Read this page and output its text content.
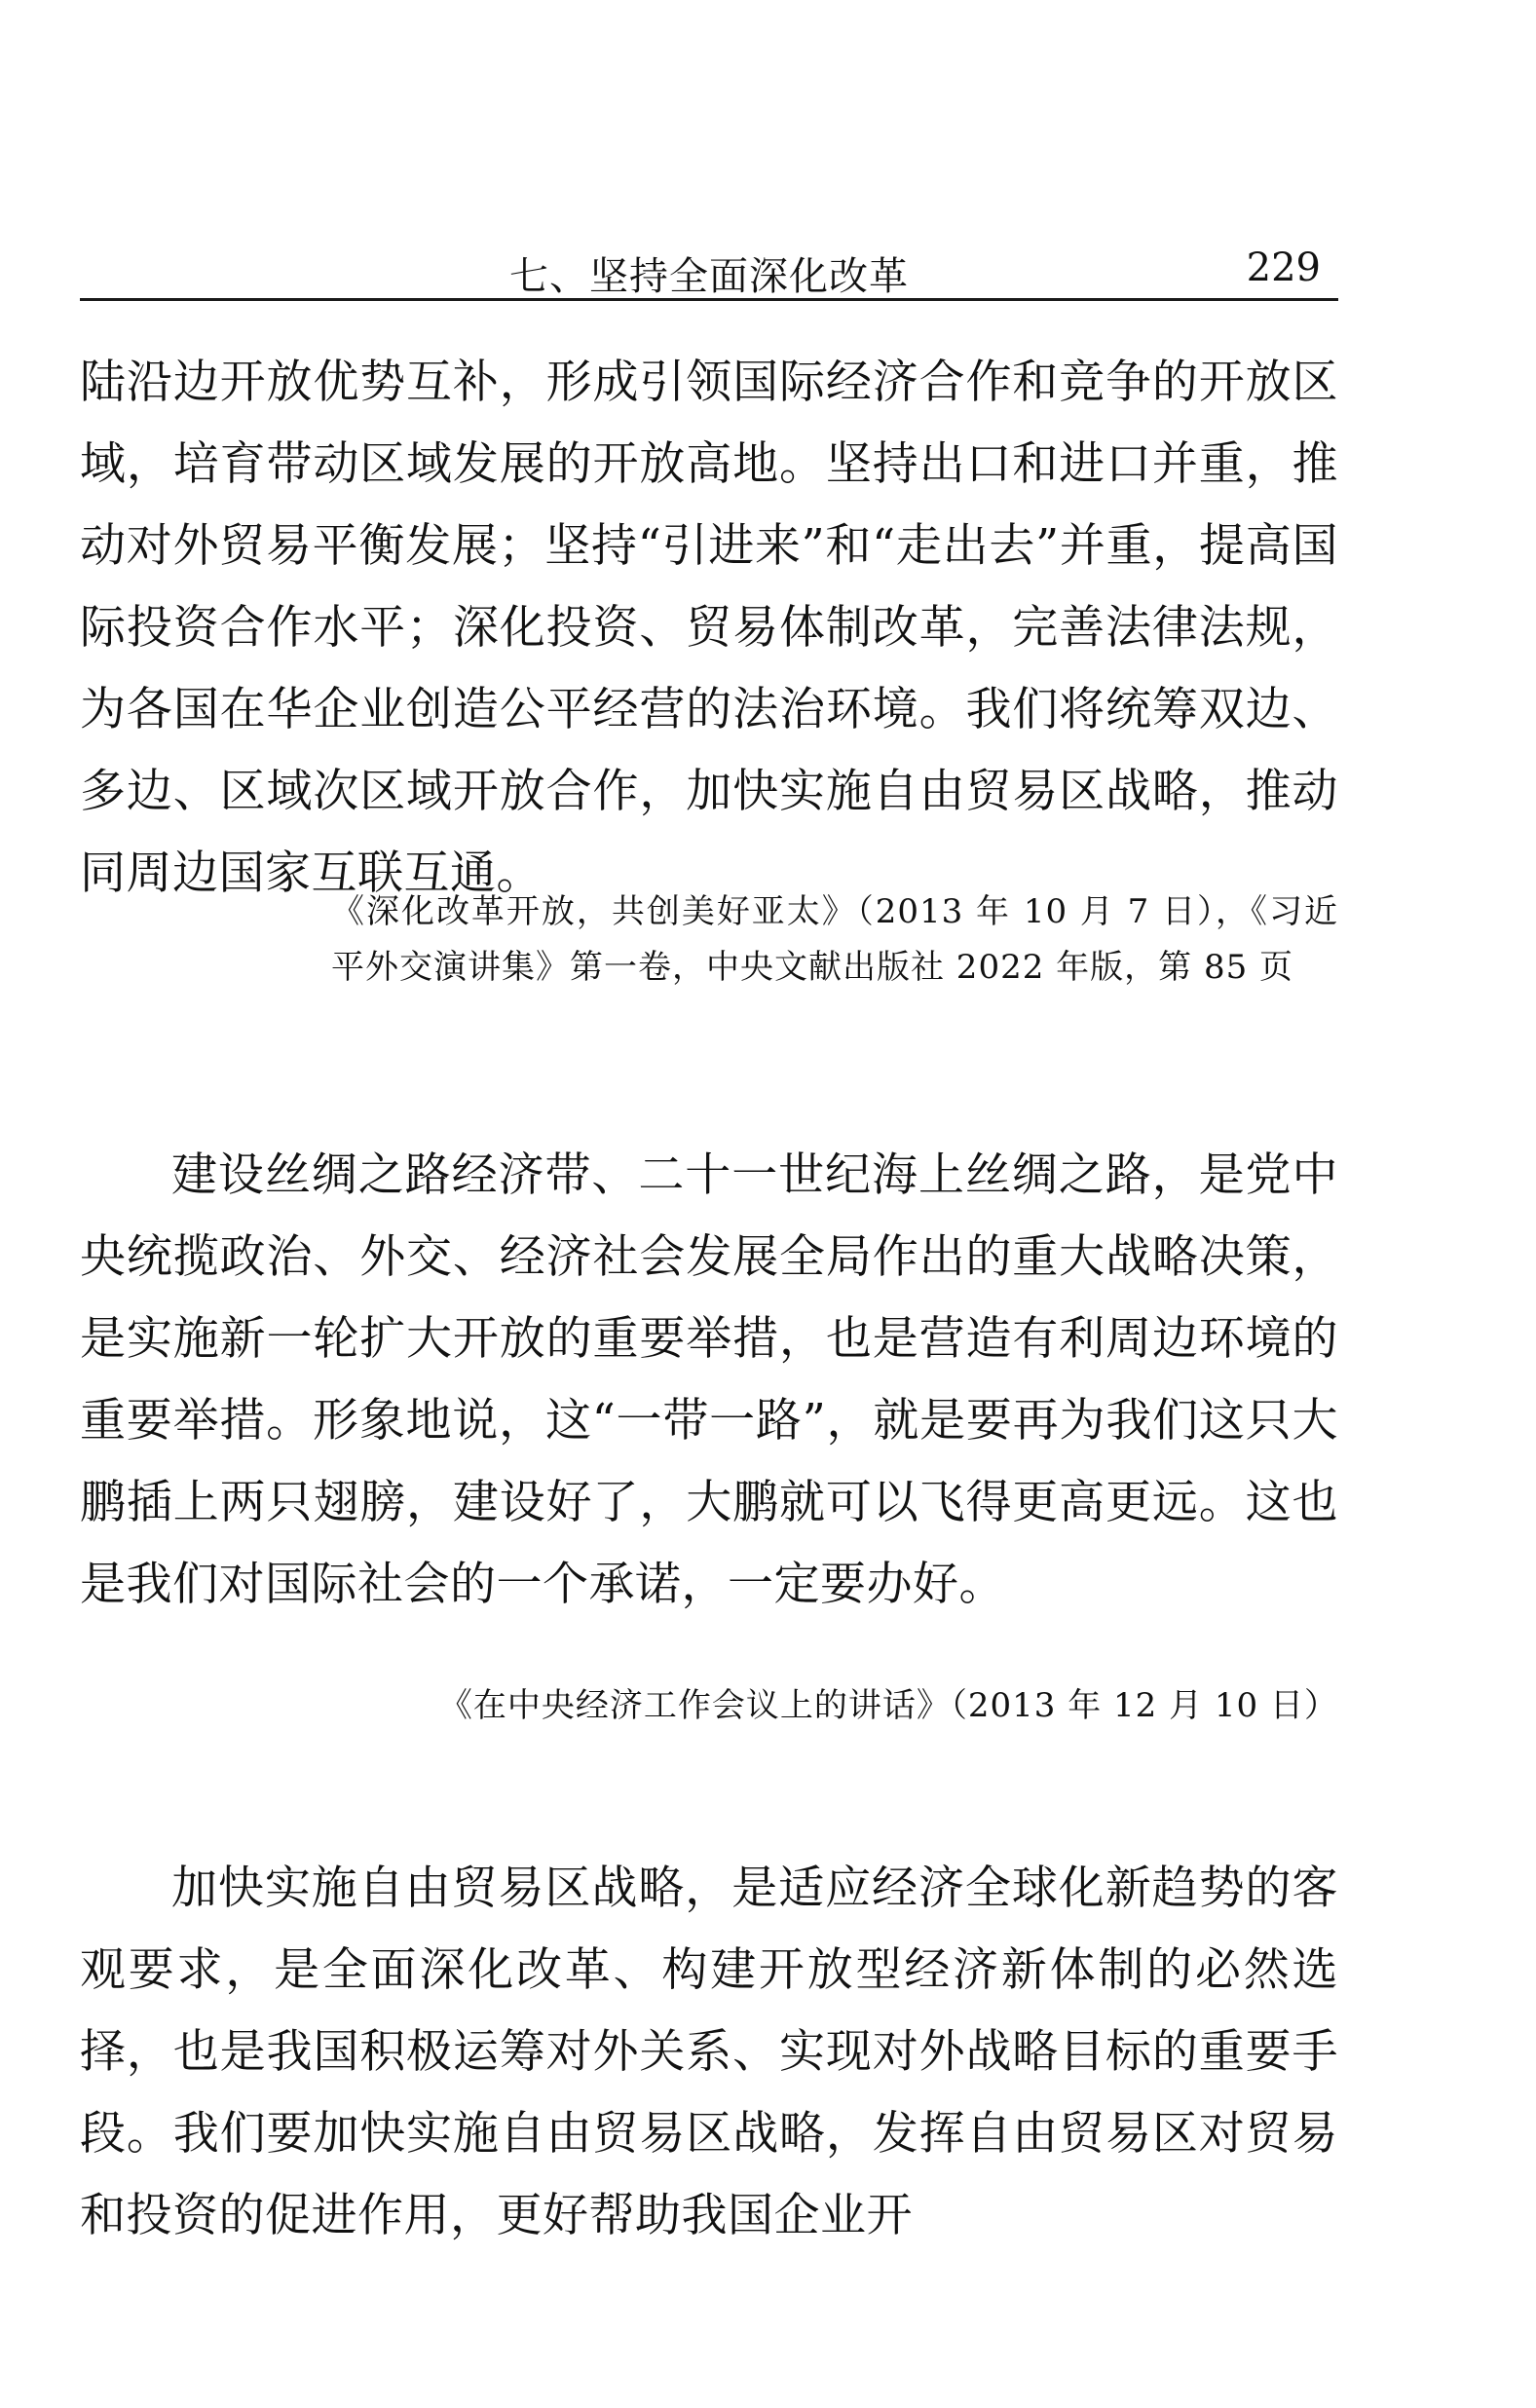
七、坚持全面深化改革	229

陆沿边开放优势互补，形成引领国际经济合作和竞争的开放区域，培育带动区域发展的开放高地。坚持出口和进口并重，推动对外贸易平衡发展；坚持“引进来”和“走出去”并重，提高国际投资合作水平；深化投资、贸易体制改革，完善法律法规，为各国在华企业创造公平经营的法治环境。我们将统筹双边、多边、区域次区域开放合作，加快实施自由贸易区战略，推动同周边国家互联互通。

《深化改革开放，共创美好亚太》（2013 年 10 月 7 日），《习近平外交演讲集》第一卷，中央文献出版社 2022 年版，第 85 页

建设丝绸之路经济带、二十一世纪海上丝绸之路，是党中央统揽政治、外交、经济社会发展全局作出的重大战略决策，是实施新一轮扩大开放的重要举措，也是营造有利周边环境的重要举措。形象地说，这“一带一路”，就是要再为我们这只大鹏插上两只翅膀，建设好了，大鹏就可以飞得更高更远。这也是我们对国际社会的一个承诺，一定要办好。

《在中央经济工作会议上的讲话》（2013 年 12 月 10 日）

加快实施自由贸易区战略，是适应经济全球化新趋势的客观要求，是全面深化改革、构建开放型经济新体制的必然选择，也是我国积极运筹对外关系、实现对外战略目标的重要手段。我们要加快实施自由贸易区战略，发挥自由贸易区对贸易和投资的促进作用，更好帮助我国企业开
